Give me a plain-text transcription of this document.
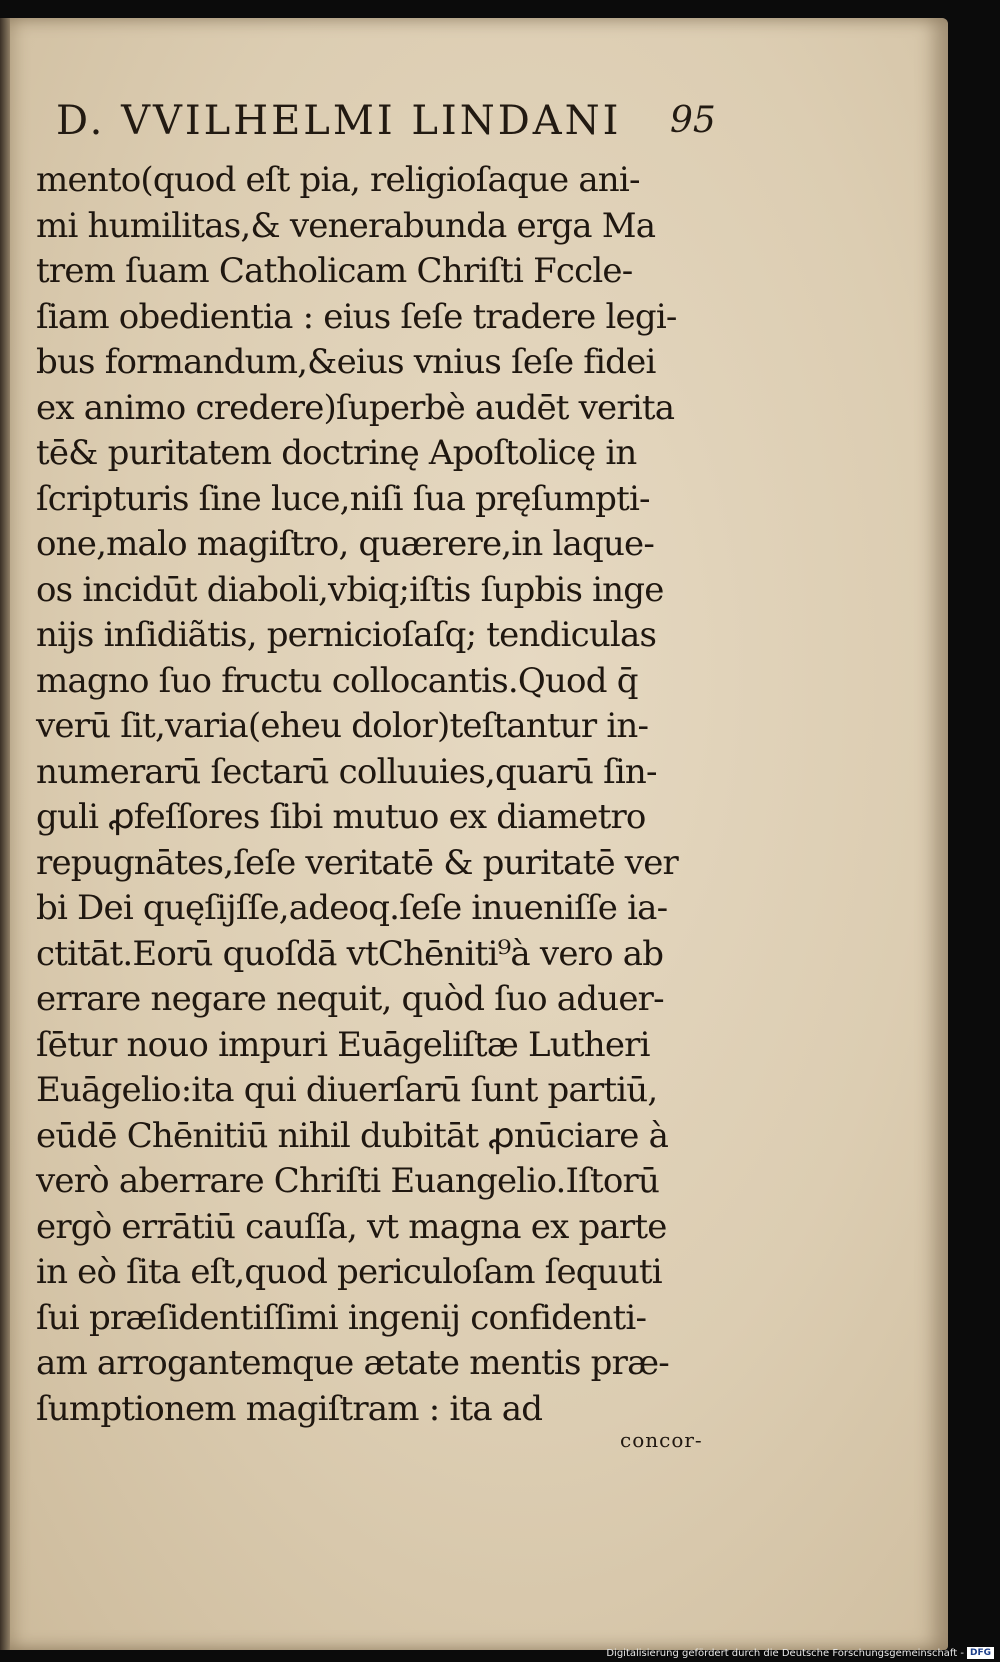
D. VVILHELMI LINDANI	95
mento(quod eſt pia, religioſaque ani-
mi humilitas,& venerabunda erga Ma
trem ſuam Catholicam Chriſti Fccle-
ſiam obedientia : eius ſeſe tradere legi-
bus formandum,&eius vnius ſeſe fidei
ex animo credere)ſuperbè audēt verita
tē& puritatem doctrinę Apoſtolicę in
ſcripturis ſine luce,niſi ſua pręſumpti-
one,malo magiſtro, quærere,in laque-
os incidūt diaboli,vbiq;iſtis ſupbis inge
nijs inſidiãtis, pernicioſaſq; tendiculas
magno ſuo fructu collocantis.Quod q̄
verū ſit,varia(eheu dolor)teſtantur in-
numerarū ſectarū colluuies,quarū ſin-
guli ꝓfeſſores ſibi mutuo ex diametro
repugnātes,ſeſe veritatē & puritatē ver
bi Dei quęſijſſe,adeoq.ſeſe inueniſſe ia-
ctitāt.Eorū quoſdā vtChēniti⁹à vero ab
errare negare nequit, quòd ſuo aduer-
ſētur nouo impuri Euāgeliſtæ Lutheri
Euāgelio:ita qui diuerſarū ſunt partiū,
eūdē Chēnitiū nihil dubitāt ꝓnūciare à
verò aberrare Chriſti Euangelio.Iſtorū
ergò errātiū cauſſa, vt magna ex parte
in eò ſita eſt,quod periculoſam ſequuti
ſui præſidentiſſimi ingenij confidenti-
am arrogantemque ætate mentis præ-
ſumptionem magiſtram : ita ad
concor-
Digitalisierung gefördert durch die Deutsche Forschungsgemeinschaft - DFG
